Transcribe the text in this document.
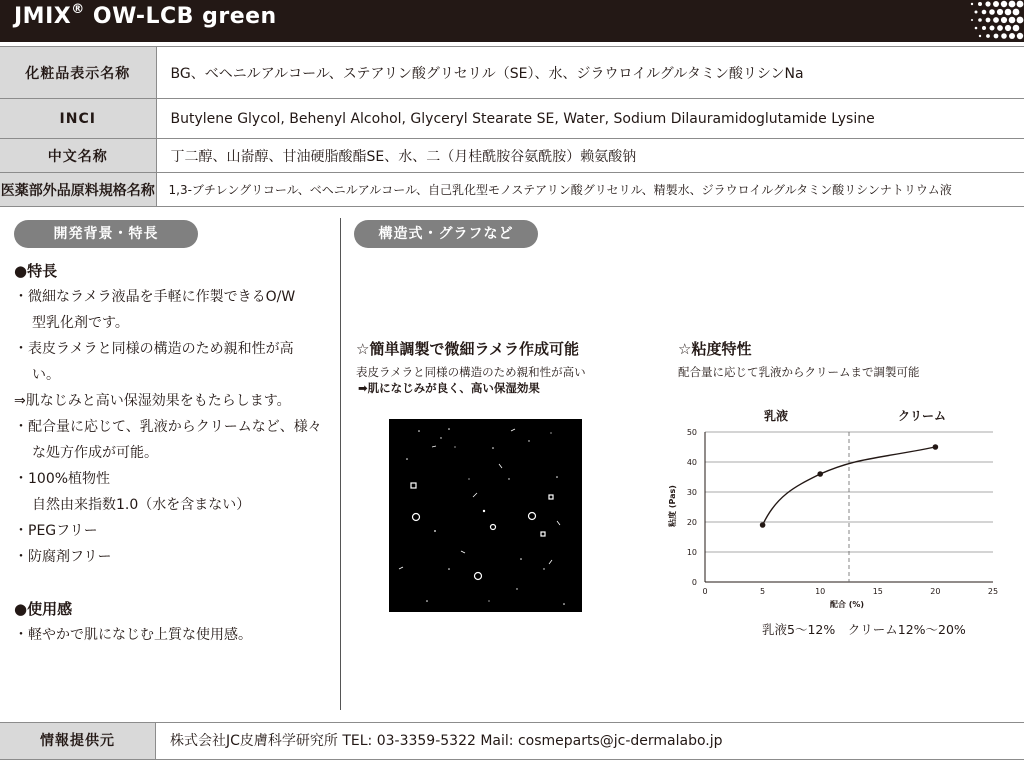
JMIX® OW-LCB green
化粧品表示名称	BG、ベヘニルアルコール、ステアリン酸グリセリル（SE）、水、ジラウロイルグルタミン酸リシンNa
INCI	Butylene Glycol, Behenyl Alcohol, Glyceryl Stearate SE, Water, Sodium Dilauramidoglutamide Lysine
中文名称	丁二醇、山嵛醇、甘油硬脂酸酯SE、水、二（月桂酰胺谷氨酰胺）赖氨酸钠
医薬部外品原料規格名称	1,3-ブチレングリコール、ベヘニルアルコール、自己乳化型モノステアリン酸グリセリル、精製水、ジラウロイルグルタミン酸リシンナトリウム液
開発背景・特長
●特長
・微細なラメラ液晶を手軽に作製できるO/W
型乳化剤です。
・表皮ラメラと同様の構造のため親和性が高
い。
⇒肌なじみと高い保湿効果をもたらします。
・配合量に応じて、乳液からクリームなど、様々
な処方作成が可能。
・100%植物性
自然由来指数1.0（水を含まない）
・PEGフリー
・防腐剤フリー
●使用感
・軽やかで肌になじむ上質な使用感。
構造式・グラフなど
☆簡単調製で微細ラメラ作成可能
表皮ラメラと同様の構造のため親和性が高い
➡肌になじみが良く、高い保湿効果
☆粘度特性
配合量に応じて乳液からクリームまで調製可能
0
10
20
30
40
50
0	5	10	15	20	25
乳液	クリーム
配合 (%)
粘度 (Pas)
乳液5～12%　クリーム12%～20%
情報提供元	株式会社JC皮膚科学研究所 TEL: 03-3359-5322 Mail: cosmeparts@jc-dermalabo.jp
